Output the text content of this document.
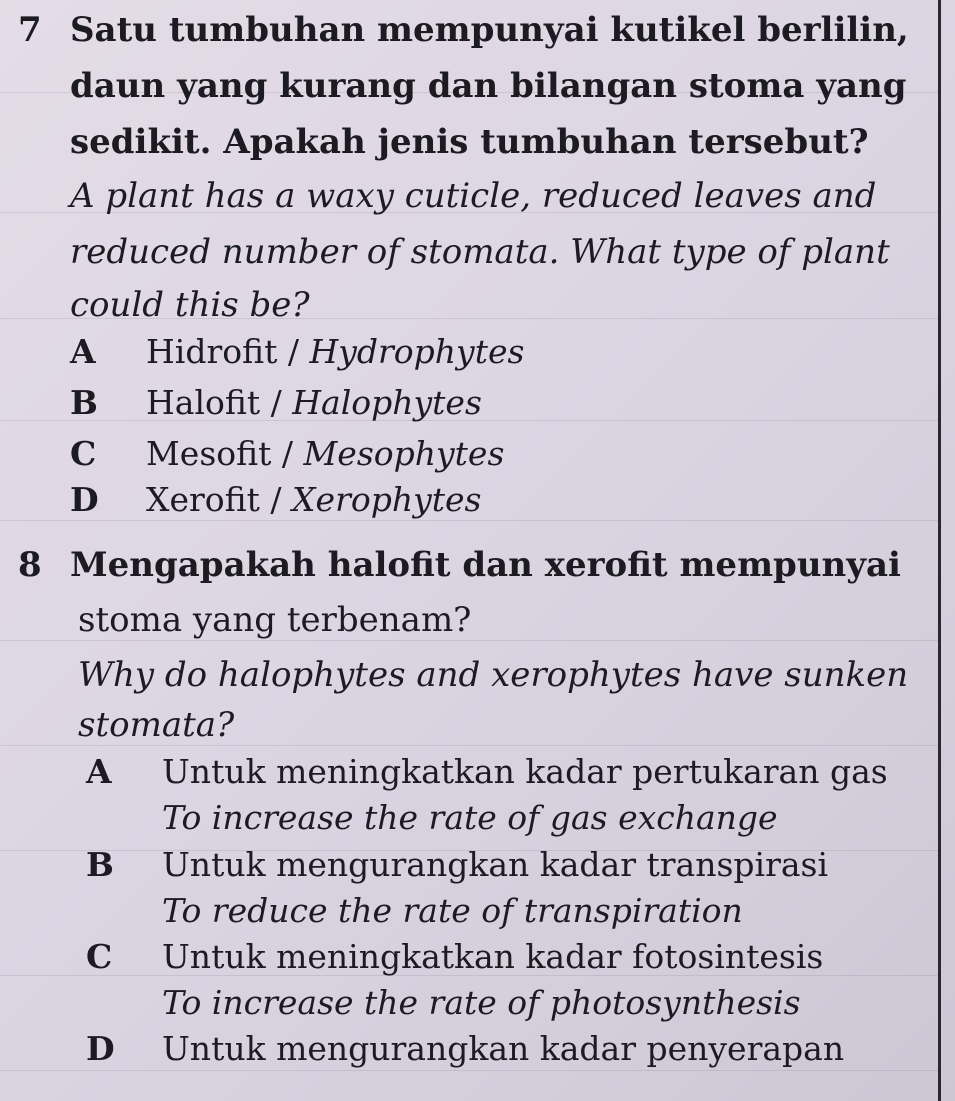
7 Satu tumbuhan mempunyai kutikel berlilin,
daun yang kurang dan bilangan stoma yang
sedikit. Apakah jenis tumbuhan tersebut?
A plant has a waxy cuticle, reduced leaves and
reduced number of stomata. What type of plant
could this be?
A Hidrofit / Hydrophytes
B Halofit / Halophytes
C Mesofit / Mesophytes
D Xerofit / Xerophytes
8 Mengapakah halofit dan xerofit mempunyai
stoma yang terbenam?
Why do halophytes and xerophytes have sunken
stomata?
A Untuk meningkatkan kadar pertukaran gas
To increase the rate of gas exchange
B Untuk mengurangkan kadar transpirasi
To reduce the rate of transpiration
C Untuk meningkatkan kadar fotosintesis
To increase the rate of photosynthesis
D Untuk mengurangkan kadar penyerapan
